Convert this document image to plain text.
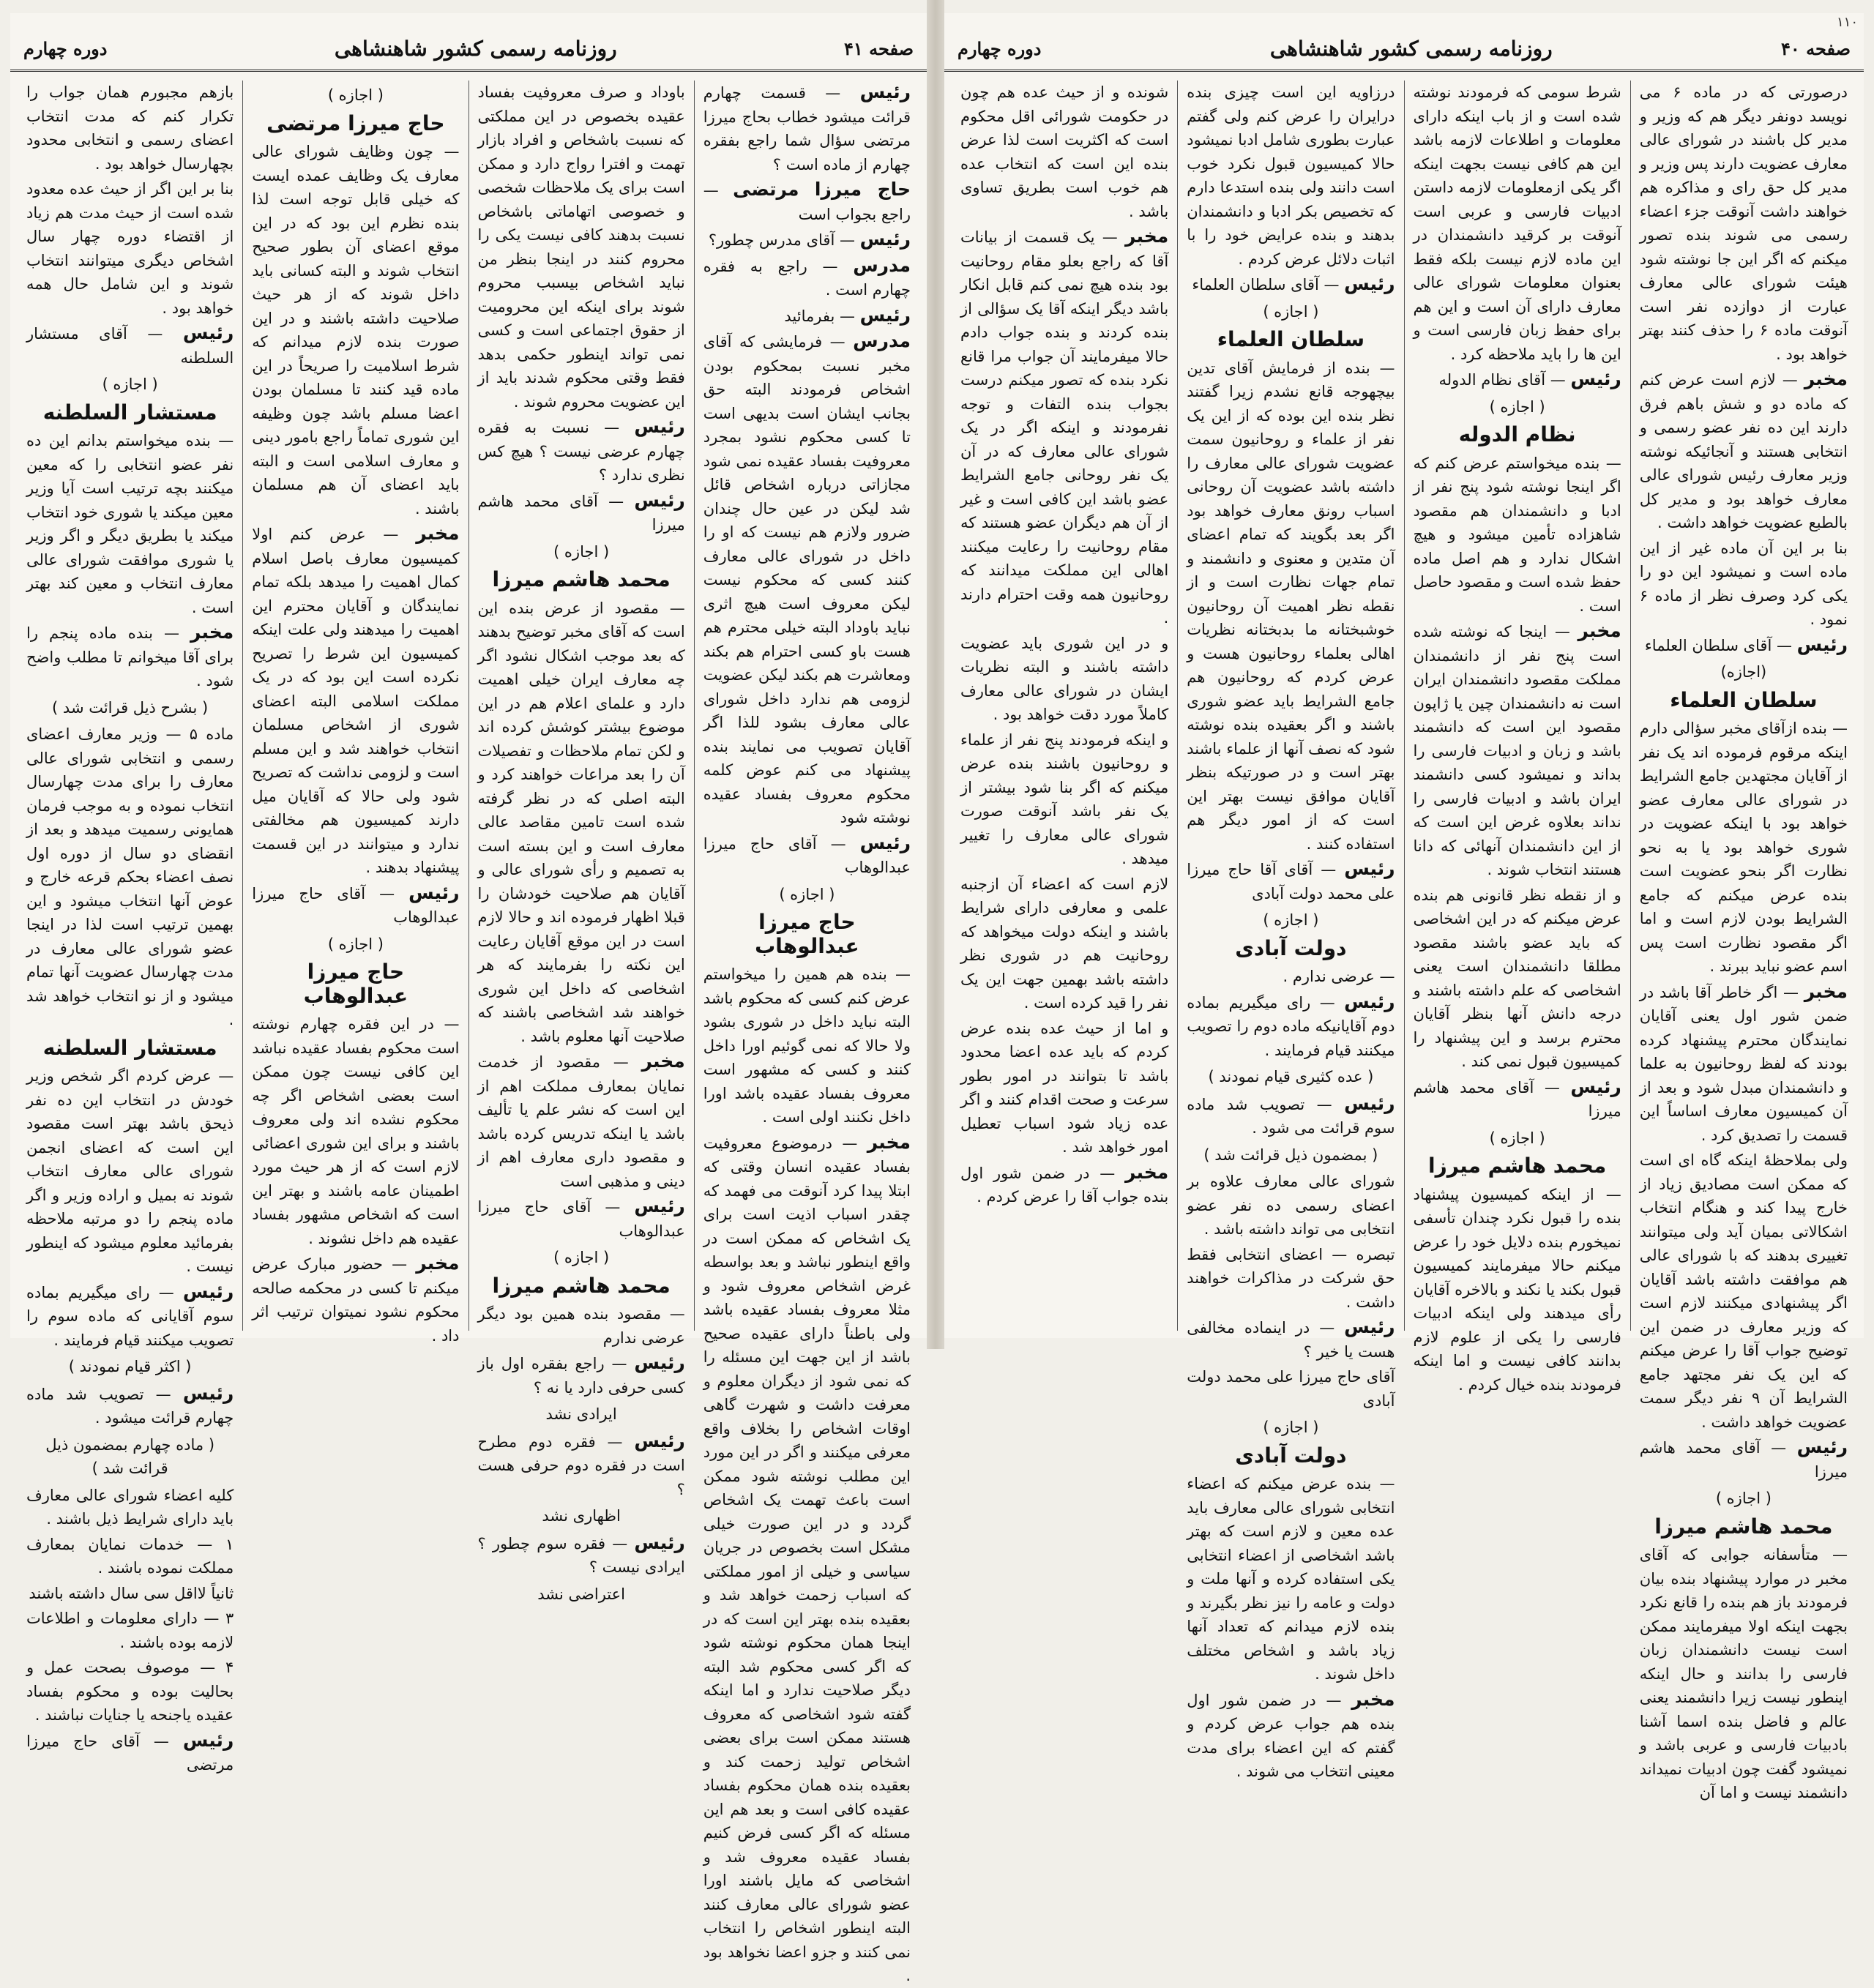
صفحه ۴۱
روزنامه رسمی کشور شاهنشاهی
دوره چهارم

رئیس — قسمت چهارم قرائت میشود خطاب بحاج میرزا مرتضی سؤال شما راجع بفقره چهارم از ماده است ؟

حاج میرزا مرتضی — راجع بجواب است

رئیس — آقای مدرس چطور؟

مدرس — راجع به فقره چهارم است .

رئیس — بفرمائید

مدرس — فرمایشی که آقای مخبر نسبت بمحکوم بودن اشخاص فرمودند البته حق بجانب ایشان است بدیهی است تا کسی محکوم نشود بمجرد معروفیت بفساد عقیده نمی شود مجازاتی درباره اشخاص قائل شد لیکن در عین حال چندان ضرور ولازم هم نیست که او را داخل در شورای عالی معارف کنند کسی که محکوم نیست لیکن معروف است هیچ اثری نباید باوداد البته خیلی محترم هم هست باو کسی احترام هم بکند ومعاشرت هم بکند لیکن عضویت لزومی هم ندارد داخل شورای عالی معارف بشود للذا اگر آقایان تصویب می نمایند بنده پیشنهاد می کنم عوض کلمه محکوم معروف بفساد عقیده نوشته شود

رئیس — آقای حاج میرزا عبدالوهاب

( اجازه )
حاج میرزا عبدالوهاب

— بنده هم همین را میخواستم عرض کنم کسی که محکوم باشد البته نباید داخل در شوری بشود ولا حالا که نمی گوئیم اورا داخل کنند و کسی که مشهور است معروف بفساد عقیده باشد اورا داخل نکنند اولی است .

مخبر — درموضوع معروفیت بفساد عقیده انسان وقتی که ابتلا پیدا کرد آنوقت می فهمد که چقدر اسباب اذیت است برای یک اشخاص که ممکن است در واقع اینطور نباشد و بعد بواسطه غرض اشخاص معروف شود و مثلا معروف بفساد عقیده باشد ولی باطناً دارای عقیده صحیح باشد از این جهت این مسئله را که نمی شود از دیگران معلوم و معرفت داشت و شهرت گاهی اوقات اشخاص را بخلاف واقع معرفی میکنند و اگر در این مورد این مطلب نوشته شود ممکن است باعث تهمت یک اشخاص گردد و در این صورت خیلی مشکل است بخصوص در جریان سیاسی و خیلی از امور مملکتی که اسباب زحمت خواهد شد و بعقیده بنده بهتر این است که در اینجا همان محکوم نوشته شود که اگر کسی محکوم شد البته دیگر صلاحیت ندارد و اما اینکه گفته شود اشخاصی که معروف هستند ممکن است برای بعضی اشخاص تولید زحمت کند و بعقیده بنده همان محکوم بفساد عقیده کافی است و بعد هم این مسئله که اگر کسی فرض کنیم بفساد عقیده معروف شد و اشخاصی که مایل باشند اورا عضو شورای عالی معارف کنند البته اینطور اشخاص را انتخاب نمی کنند و جزو اعضا نخواهد بود .

باوداد و صرف معروفیت بفساد عقیده بخصوص در این مملکتی که نسبت باشخاص و افراد بازار تهمت و افترا رواج دارد و ممکن است برای یک ملاحظات شخصی و خصوصی اتهاماتی باشخاص نسبت بدهند کافی نیست یکی را محروم کنند در اینجا بنظر من نباید اشخاص بیسبب محروم شوند برای اینکه این محرومیت از حقوق اجتماعی است و کسی نمی تواند اینطور حکمی بدهد فقط وقتی محکوم شدند باید از این عضویت محروم شوند .

رئیس — نسبت به فقره چهارم عرضی نیست ؟ هیچ کس نظری ندارد ؟

رئیس — آقای محمد هاشم میرزا

( اجازه )
محمد هاشم میرزا

— مقصود از عرض بنده این است که آقای مخبر توضیح بدهند که بعد موجب اشکال نشود اگر چه معارف ایران خیلی اهمیت دارد و علمای اعلام هم در این موضوع بیشتر کوشش کرده اند و لکن تمام ملاحظات و تفصیلات آن را بعد مراعات خواهند کرد و البته اصلی که در نظر گرفته شده است تامین مقاصد عالی معارف است و این بسته است به تصمیم و رأی شورای عالی و آقایان هم صلاحیت خودشان را قبلا اظهار فرموده اند و حالا لازم است در این موقع آقایان رعایت این نکته را بفرمایند که هر اشخاصی که داخل این شوری خواهند شد اشخاصی باشند که صلاحیت آنها معلوم باشد .

مخبر — مقصود از خدمت نمایان بمعارف مملکت اهم از این است که نشر علم یا تألیف باشد یا اینکه تدریس کرده باشد و مقصود داری معارف اهم از دینی و مذهبی است

رئیس — آقای حاج میرزا عبدالوهاب

( اجازه )
محمد هاشم میرزا

— مقصود بنده همین بود دیگر عرضی ندارم

رئیس — راجع بفقره اول باز کسی حرفی دارد یا نه ؟

ایرادی نشد

رئیس — فقره دوم مطرح است در فقره دوم حرفی هست ؟

اظهاری نشد

رئیس — فقره سوم چطور ؟ ایرادی نیست ؟

اعتراضی نشد
( اجازه )
حاج میرزا مرتضی

— چون وظایف شورای عالی معارف یک وظایف عمده ایست که خیلی قابل توجه است لذا بنده نظرم این بود که در این موقع اعضای آن بطور صحیح انتخاب شوند و البته کسانی باید داخل شوند که از هر حیث صلاحیت داشته باشند و در این صورت بنده لازم میدانم که شرط اسلامیت را صریحاً در این ماده قید کنند تا مسلمان بودن اعضا مسلم باشد چون وظیفه این شوری تماماً راجع بامور دینی و معارف اسلامی است و البته باید اعضای آن هم مسلمان باشند .

مخبر — عرض کنم اولا کمیسیون معارف باصل اسلام کمال اهمیت را میدهد بلکه تمام نمایندگان و آقایان محترم این اهمیت را میدهند ولی علت اینکه کمیسیون این شرط را تصریح نکرده است این بود که در یک مملکت اسلامی البته اعضای شوری از اشخاص مسلمان انتخاب خواهند شد و این مسلم است و لزومی نداشت که تصریح شود ولی حالا که آقایان میل دارند کمیسیون هم مخالفتی ندارد و میتوانند در این قسمت پیشنهاد بدهند .

رئیس — آقای حاج میرزا عبدالوهاب

( اجازه )
حاج میرزا عبدالوهاب

— در این فقره چهارم نوشته است محکوم بفساد عقیده نباشد این کافی نیست چون ممکن است بعضی اشخاص اگر چه محکوم نشده اند ولی معروف باشند و برای این شوری اعضائی لازم است که از هر حیث مورد اطمینان عامه باشند و بهتر این است که اشخاص مشهور بفساد عقیده هم داخل نشوند .

مخبر — حضور مبارک عرض میکنم تا کسی در محکمه صالحه محکوم نشود نمیتوان ترتیب اثر داد .

بازهم مجبورم همان جواب را تکرار کنم که مدت انتخاب اعضای رسمی و انتخابی محدود بچهارسال خواهد بود .

بنا بر این اگر از حیث عده معدود شده است از حیث مدت هم زیاد از اقتضاء دوره چهار سال اشخاص دیگری میتوانند انتخاب شوند و این شامل حال همه خواهد بود .

رئیس — آقای مستشار السلطنه

( اجازه )
مستشار السلطنه

— بنده میخواستم بدانم این ده نفر عضو انتخابی را که معین میکنند بچه ترتیب است آیا وزیر معین میکند یا شوری خود انتخاب میکند یا بطریق دیگر و اگر وزیر یا شوری موافقت شورای عالی معارف انتخاب و معین کند بهتر است .

مخبر — بنده ماده پنجم را برای آقا میخوانم تا مطلب واضح شود .

( بشرح ذیل قرائت شد )

ماده ۵ — وزیر معارف اعضای رسمی و انتخابی شورای عالی معارف را برای مدت چهارسال انتخاب نموده و به موجب فرمان همایونی رسمیت میدهد و بعد از انقضای دو سال از دوره اول نصف اعضاء بحکم قرعه خارج و عوض آنها انتخاب میشود و این بهمین ترتیب است لذا در اینجا عضو شورای عالی معارف در مدت چهارسال عضویت آنها تمام میشود و از نو انتخاب خواهد شد .

مستشار السلطنه

— عرض کردم اگر شخص وزیر خودش در انتخاب این ده نفر ذیحق باشد بهتر است مقصود این است که اعضای انجمن شورای عالی معارف انتخاب شوند نه بمیل و اراده وزیر و اگر ماده پنجم را دو مرتبه ملاحظه بفرمائید معلوم میشود که اینطور نیست .

رئیس — رای میگیریم بماده سوم آقایانی که ماده سوم را تصویب میکنند قیام فرمایند .

( اکثر قیام نمودند )

رئیس — تصویب شد ماده چهارم قرائت میشود .

( ماده چهارم بمضمون ذیل قرائت شد )

کلیه اعضاء شورای عالی معارف باید دارای شرایط ذیل باشند .

۱ — خدمات نمایان بمعارف مملکت نموده باشند .

ثانیاً لااقل سی سال داشته باشند

۳ — دارای معلومات و اطلاعات لازمه بوده باشند .

۴ — موصوف بصحت عمل و بحالیت بوده و محکوم بفساد عقیده یاجنحه یا جنایات نباشند .

رئیس — آقای حاج میرزا مرتضی

صفحه ۴۰
روزنامه رسمی کشور شاهنشاهی
دوره چهارم

درصورتی که در ماده ۶ می نویسد دونفر دیگر هم که وزیر و مدیر کل باشند در شورای عالی معارف عضویت دارند پس وزیر و مدیر کل حق رای و مذاکره هم خواهند داشت آنوقت جزء اعضاء رسمی می شوند بنده تصور میکنم که اگر این جا نوشته شود هیئت شورای عالی معارف عبارت از دوازده نفر است آنوقت ماده ۶ را حذف کنند بهتر خواهد بود .

مخبر — لازم است عرض کنم که ماده دو و شش باهم فرق دارند این ده نفر عضو رسمی و انتخابی هستند و آنجائیکه نوشته وزیر معارف رئیس شورای عالی معارف خواهد بود و مدیر کل بالطبع عضویت خواهد داشت .

بنا بر این آن ماده غیر از این ماده است و نمیشود این دو را یکی کرد وصرف نظر از ماده ۶ نمود .

رئیس — آقای سلطان العلماء

(اجازه)
سلطان العلماء

— بنده ازآقای مخبر سؤالی دارم اینکه مرقوم فرموده اند یک نفر از آقایان مجتهدین جامع الشرایط در شورای عالی معارف عضو خواهد بود با اینکه عضویت در شوری خواهد بود یا به نحو نظارت اگر بنحو عضویت است بنده عرض میکنم که جامع الشرایط بودن لازم است و اما اگر مقصود نظارت است پس اسم عضو نباید ببرند .

مخبر — اگر خاطر آقا باشد در ضمن شور اول یعنی آقایان نمایندگان محترم پیشنهاد کرده بودند که لفظ روحانیون به علما و دانشمندان مبدل شود و بعد از آن کمیسیون معارف اساساً این قسمت را تصدیق کرد .

ولی بملاحظهٔ اینکه گاه ای است که ممکن است مصادیق زیاد از خارج پیدا کند و هنگام انتخاب اشکالاتی بمیان آید ولی میتوانند تغییری بدهند که با شورای عالی هم موافقت داشته باشد آقایان اگر پیشنهادی میکنند لازم است که وزیر معارف در ضمن این توضیح جواب آقا را عرض میکنم که این یک نفر مجتهد جامع الشرایط آن ۹ نفر دیگر سمت عضویت خواهد داشت .

رئیس — آقای محمد هاشم میرزا

( اجازه )
محمد هاشم میرزا

— متأسفانه جوابی که آقای مخبر در موارد پیشنهاد بنده بیان فرمودند باز هم بنده را قانع نکرد بجهت اینکه اولا میفرمایند ممکن است نیست دانشمندان زبان فارسی را بدانند و حال اینکه اینطور نیست زیرا دانشمند یعنی عالم و فاضل بنده اسما آشنا بادبیات فارسی و عربی باشد و نمیشود گفت چون ادبیات نمیداند دانشمند نیست و اما آن

شرط سومی که فرمودند نوشته شده است و از باب اینکه دارای معلومات و اطلاعات لازمه باشد این هم کافی نیست بجهت اینکه اگر یکی ازمعلومات لازمه داستن ادبیات فارسی و عربی است آنوقت بر کرقید دانشمندان در این ماده لازم نیست بلکه فقط بعنوان معلومات شورای عالی معارف دارای آن است و این هم برای حفظ زبان فارسی است و این ها را باید ملاحظه کرد .

رئیس — آقای نظام الدوله

( اجازه )
نظام الدوله

— بنده میخواستم عرض کنم که اگر اینجا نوشته شود پنج نفر از ادبا و دانشمندان هم مقصود شاهزاده تأمین میشود و هیچ اشکال ندارد و هم اصل ماده حفظ شده است و مقصود حاصل است .

مخبر — اینجا که نوشته شده است پنج نفر از دانشمندان مملکت مقصود دانشمندان ایران است نه دانشمندان چین یا ژاپون مقصود این است که دانشمند باشد و زبان و ادبیات فارسی را بداند و نمیشود کسی دانشمند ایران باشد و ادبیات فارسی را نداند بعلاوه غرض این است که از این دانشمندان آنهائی که دانا هستند انتخاب شوند .

و از نقطه نظر قانونی هم بنده عرض میکنم که در این اشخاصی که باید عضو باشند مقصود مطلقا دانشمندان است یعنی اشخاصی که علم داشته باشند و درجه دانش آنها بنظر آقایان محترم برسد و این پیشنهاد را کمیسیون قبول نمی کند .

رئیس — آقای محمد هاشم میرزا

( اجازه )
محمد هاشم میرزا

— از اینکه کمیسیون پیشنهاد بنده را قبول نکرد چندان تأسفی نمیخورم بنده دلایل خود را عرض میکنم حالا میفرمایند کمیسیون قبول بکند یا نکند و بالاخره آقایان رأی میدهند ولی اینکه ادبیات فارسی را یکی از علوم لازم بدانند کافی نیست و اما اینکه فرمودند بنده خیال کردم .

درزاویه این است چیزی بنده درایران را عرض کنم ولی گفتم عبارت بطوری شامل ادبا نمیشود حالا کمیسیون قبول نکرد خوب است دانند ولی بنده استدعا دارم که تخصیص بکر ادبا و دانشمندان بدهند و بنده عرایض خود را با اثبات دلائل عرض کردم .

رئیس — آقای سلطان العلماء

( اجازه )
سلطان العلماء

— بنده از فرمایش آقای تدین بیچهوجه قانع نشدم زیرا گفتند نظر بنده این بوده که از این یک نفر از علماء و روحانیون سمت عضویت شورای عالی معارف را داشته باشد عضویت آن روحانی اسباب رونق معارف خواهد بود اگر بعد بگویند که تمام اعضای آن متدین و معنوی و دانشمند و تمام جهات نظارت است و از نقطه نظر اهمیت آن روحانیون خوشبختانه ما بدبختانه نظریات اهالی بعلماء روحانیون هست و عرض کردم که روحانیون هم جامع الشرایط باید عضو شوری باشند و اگر بعقیده بنده نوشته شود که نصف آنها از علماء باشند بهتر است و در صورتیکه بنظر آقایان موافق نیست بهتر این است که از امور دیگر هم استفاده کنند .

رئیس — آقای آقا حاج میرزا علی محمد دولت آبادی

( اجازه )
دولت آبادی

— عرضی ندارم .

رئیس — رای میگیریم بماده دوم آقایانیکه ماده دوم را تصویب میکنند قیام فرمایند .

( عده کثیری قیام نمودند )

رئیس — تصویب شد ماده سوم قرائت می شود .

( بمضمون ذیل قرائت شد )

شورای عالی معارف علاوه بر اعضای رسمی ده نفر عضو انتخابی می تواند داشته باشد .

تبصره — اعضای انتخابی فقط حق شرکت در مذاکرات خواهند داشت .

رئیس — در اینماده مخالفی هست یا خیر ؟

آقای حاج میرزا علی محمد دولت آبادی

( اجازه )
دولت آبادی

— بنده عرض میکنم که اعضاء انتخابی شورای عالی معارف باید عده معین و لازم است که بهتر باشد اشخاصی از اعضاء انتخابی یکی استفاده کرده و آنها ملت و دولت و عامه را نیز نظر بگیرند و بنده لازم میدانم که تعداد آنها زیاد باشد و اشخاص مختلف داخل شوند .

مخبر — در ضمن شور اول بنده هم جواب عرض کردم و گفتم که این اعضاء برای مدت معینی انتخاب می شوند .

شونده و از حیث عده هم چون در حکومت شورائی اقل محکوم است که اکثریت است لذا عرض بنده این است که انتخاب عده هم خوب است بطریق تساوی باشد .

مخبر — یک قسمت از بیانات آقا که راجع بعلو مقام روحانیت بود بنده هیچ نمی کنم قابل انکار باشد دیگر اینکه آقا یک سؤالی از بنده کردند و بنده جواب دادم حالا میفرمایند آن جواب مرا قانع نکرد بنده که تصور میکنم درست بجواب بنده التفات و توجه نفرمودند و اینکه اگر در یک شورای عالی معارف که در آن یک نفر روحانی جامع الشرایط عضو باشد این کافی است و غیر از آن هم دیگران عضو هستند که مقام روحانیت را رعایت میکنند اهالی این مملکت میدانند که روحانیون همه وقت احترام دارند .

و در این شوری باید عضویت داشته باشند و البته نظریات ایشان در شورای عالی معارف کاملاً مورد دقت خواهد بود .

و اینکه فرمودند پنج نفر از علماء و روحانیون باشند بنده عرض میکنم که اگر بنا شود بیشتر از یک نفر باشد آنوقت صورت شورای عالی معارف را تغییر میدهد .

لازم است که اعضاء آن ازجنبه علمی و معارفی دارای شرایط باشند و اینکه دولت میخواهد که روحانیت هم در شوری نظر داشته باشد بهمین جهت این یک نفر را قید کرده است .

و اما از حیث عده بنده عرض کردم که باید عده اعضا محدود باشد تا بتوانند در امور بطور سرعت و صحت اقدام کنند و اگر عده زیاد شود اسباب تعطیل امور خواهد شد .

مخبر — در ضمن شور اول بنده جواب آقا را عرض کردم .

۱۱۰
